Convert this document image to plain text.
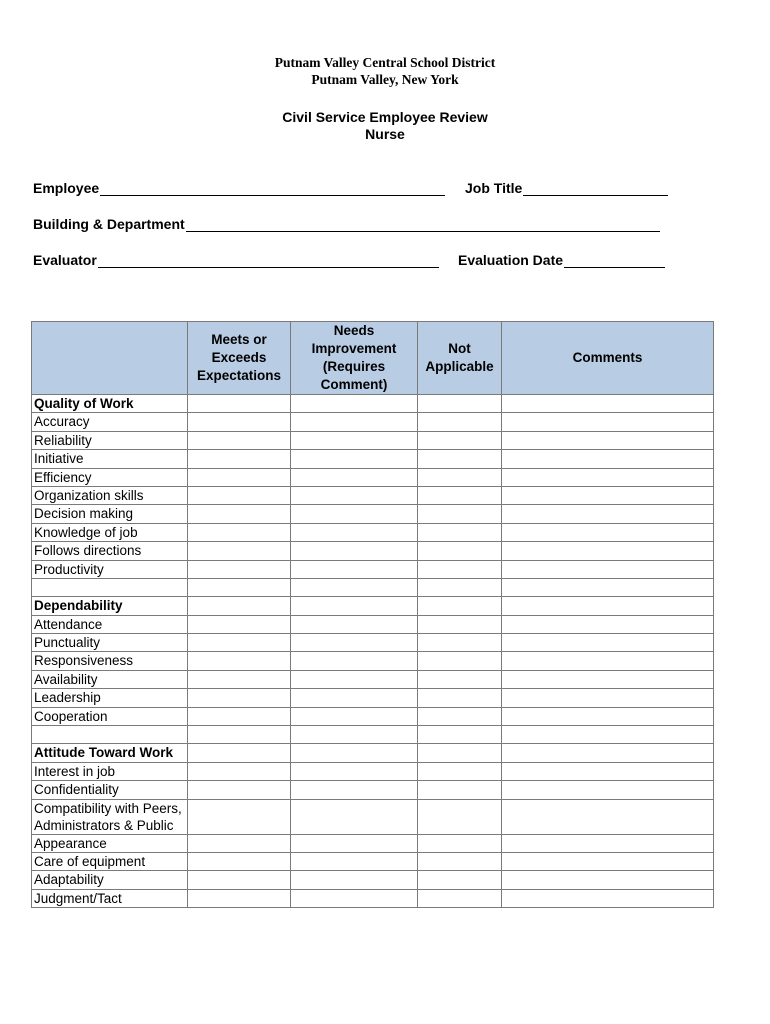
Putnam Valley Central School District
Putnam Valley, New York
Civil Service Employee Review
Nurse
Employee	Job Title
Building & Department
Evaluator	Evaluation Date
	Meets or Exceeds Expectations	Needs Improvement (Requires Comment)	Not Applicable	Comments
Quality of Work				
Accuracy				
Reliability				
Initiative				
Efficiency				
Organization skills				
Decision making				
Knowledge of job				
Follows directions				
Productivity				

Dependability				
Attendance				
Punctuality				
Responsiveness				
Availability				
Leadership				
Cooperation				

Attitude Toward Work				
Interest in job				
Confidentiality				
Compatibility with Peers, Administrators & Public				
Appearance				
Care of equipment				
Adaptability				
Judgment/Tact				
